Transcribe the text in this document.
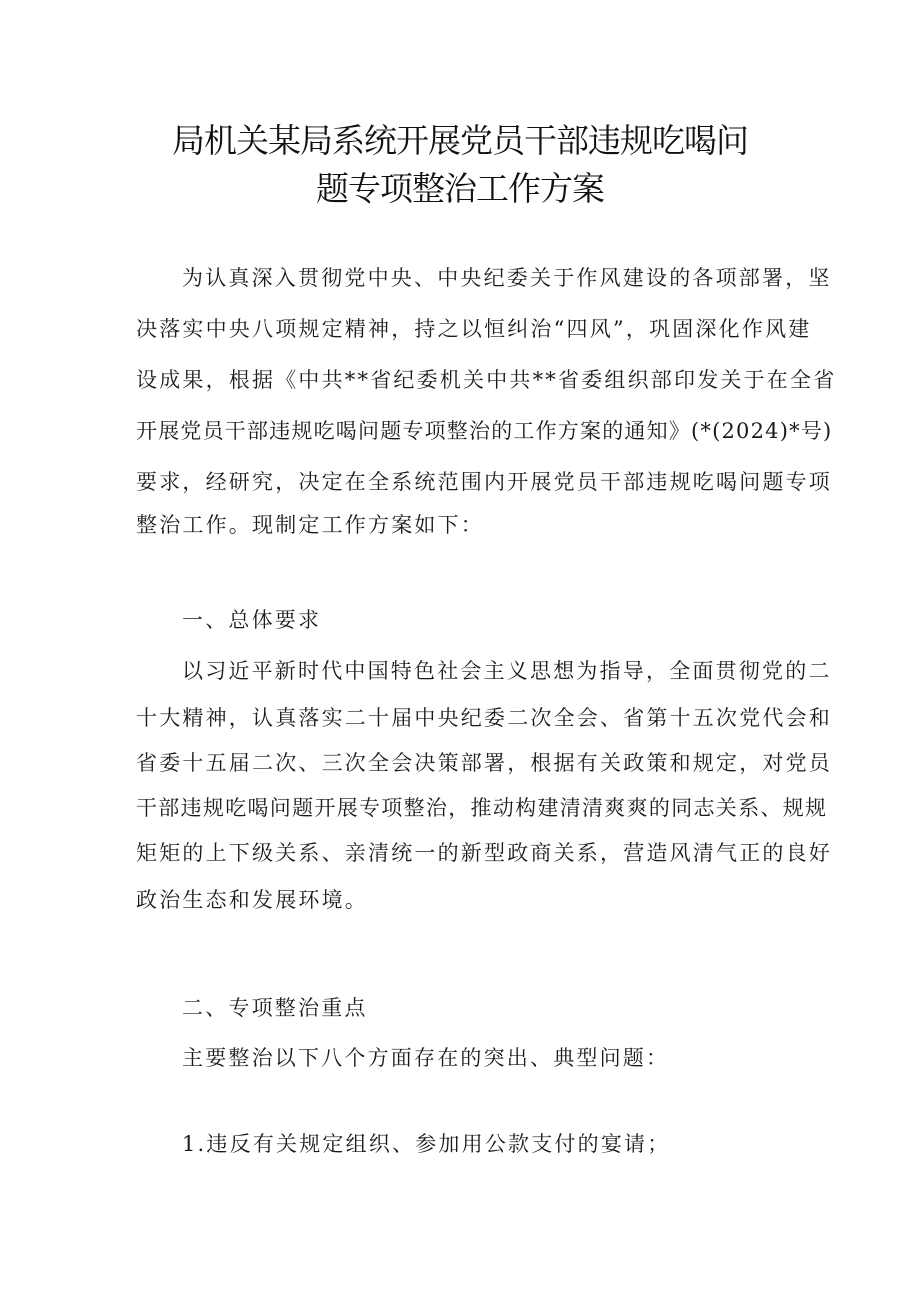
局机关某局系统开展党员干部违规吃喝问
题专项整治工作方案
为认真深入贯彻党中央、中央纪委关于作风建设的各项部署，坚
决落实中央八项规定精神，持之以恒纠治“四风”，巩固深化作风建
设成果，根据《中共**省纪委机关中共**省委组织部印发关于在全省
开展党员干部违规吃喝问题专项整治的工作方案的通知》(*(2024)*号)
要求，经研究，决定在全系统范围内开展党员干部违规吃喝问题专项
整治工作。现制定工作方案如下：
一、总体要求
以习近平新时代中国特色社会主义思想为指导，全面贯彻党的二
十大精神，认真落实二十届中央纪委二次全会、省第十五次党代会和
省委十五届二次、三次全会决策部署，根据有关政策和规定，对党员
干部违规吃喝问题开展专项整治，推动构建清清爽爽的同志关系、规规
矩矩的上下级关系、亲清统一的新型政商关系，营造风清气正的良好
政治生态和发展环境。
二、专项整治重点
主要整治以下八个方面存在的突出、典型问题：
1.违反有关规定组织、参加用公款支付的宴请；
